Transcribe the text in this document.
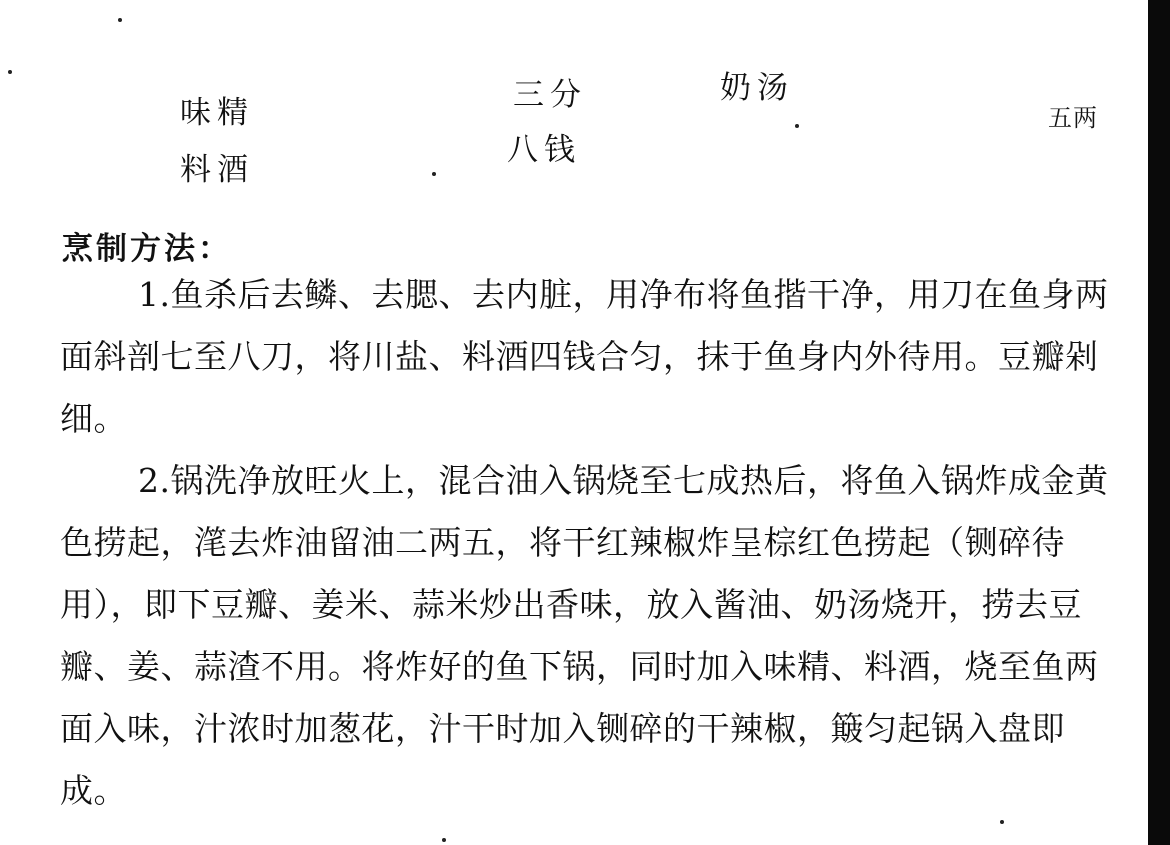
味精	三分	奶汤
五两
料酒
八钱
烹制方法：
1.鱼杀后去鳞、去腮、去内脏，用净布将鱼揩干净，用刀在鱼身两面斜剖七至八刀，将川盐、料酒四钱合匀，抹于鱼身内外待用。豆瓣剁细。
2.锅洗净放旺火上，混合油入锅烧至七成热后，将鱼入锅炸成金黄色捞起，滗去炸油留油二两五，将干红辣椒炸呈棕红色捞起（铡碎待用），即下豆瓣、姜米、蒜米炒出香味，放入酱油、奶汤烧开，捞去豆瓣、姜、蒜渣不用。将炸好的鱼下锅，同时加入味精、料酒，烧至鱼两面入味，汁浓时加葱花，汁干时加入铡碎的干辣椒，簸匀起锅入盘即成。
